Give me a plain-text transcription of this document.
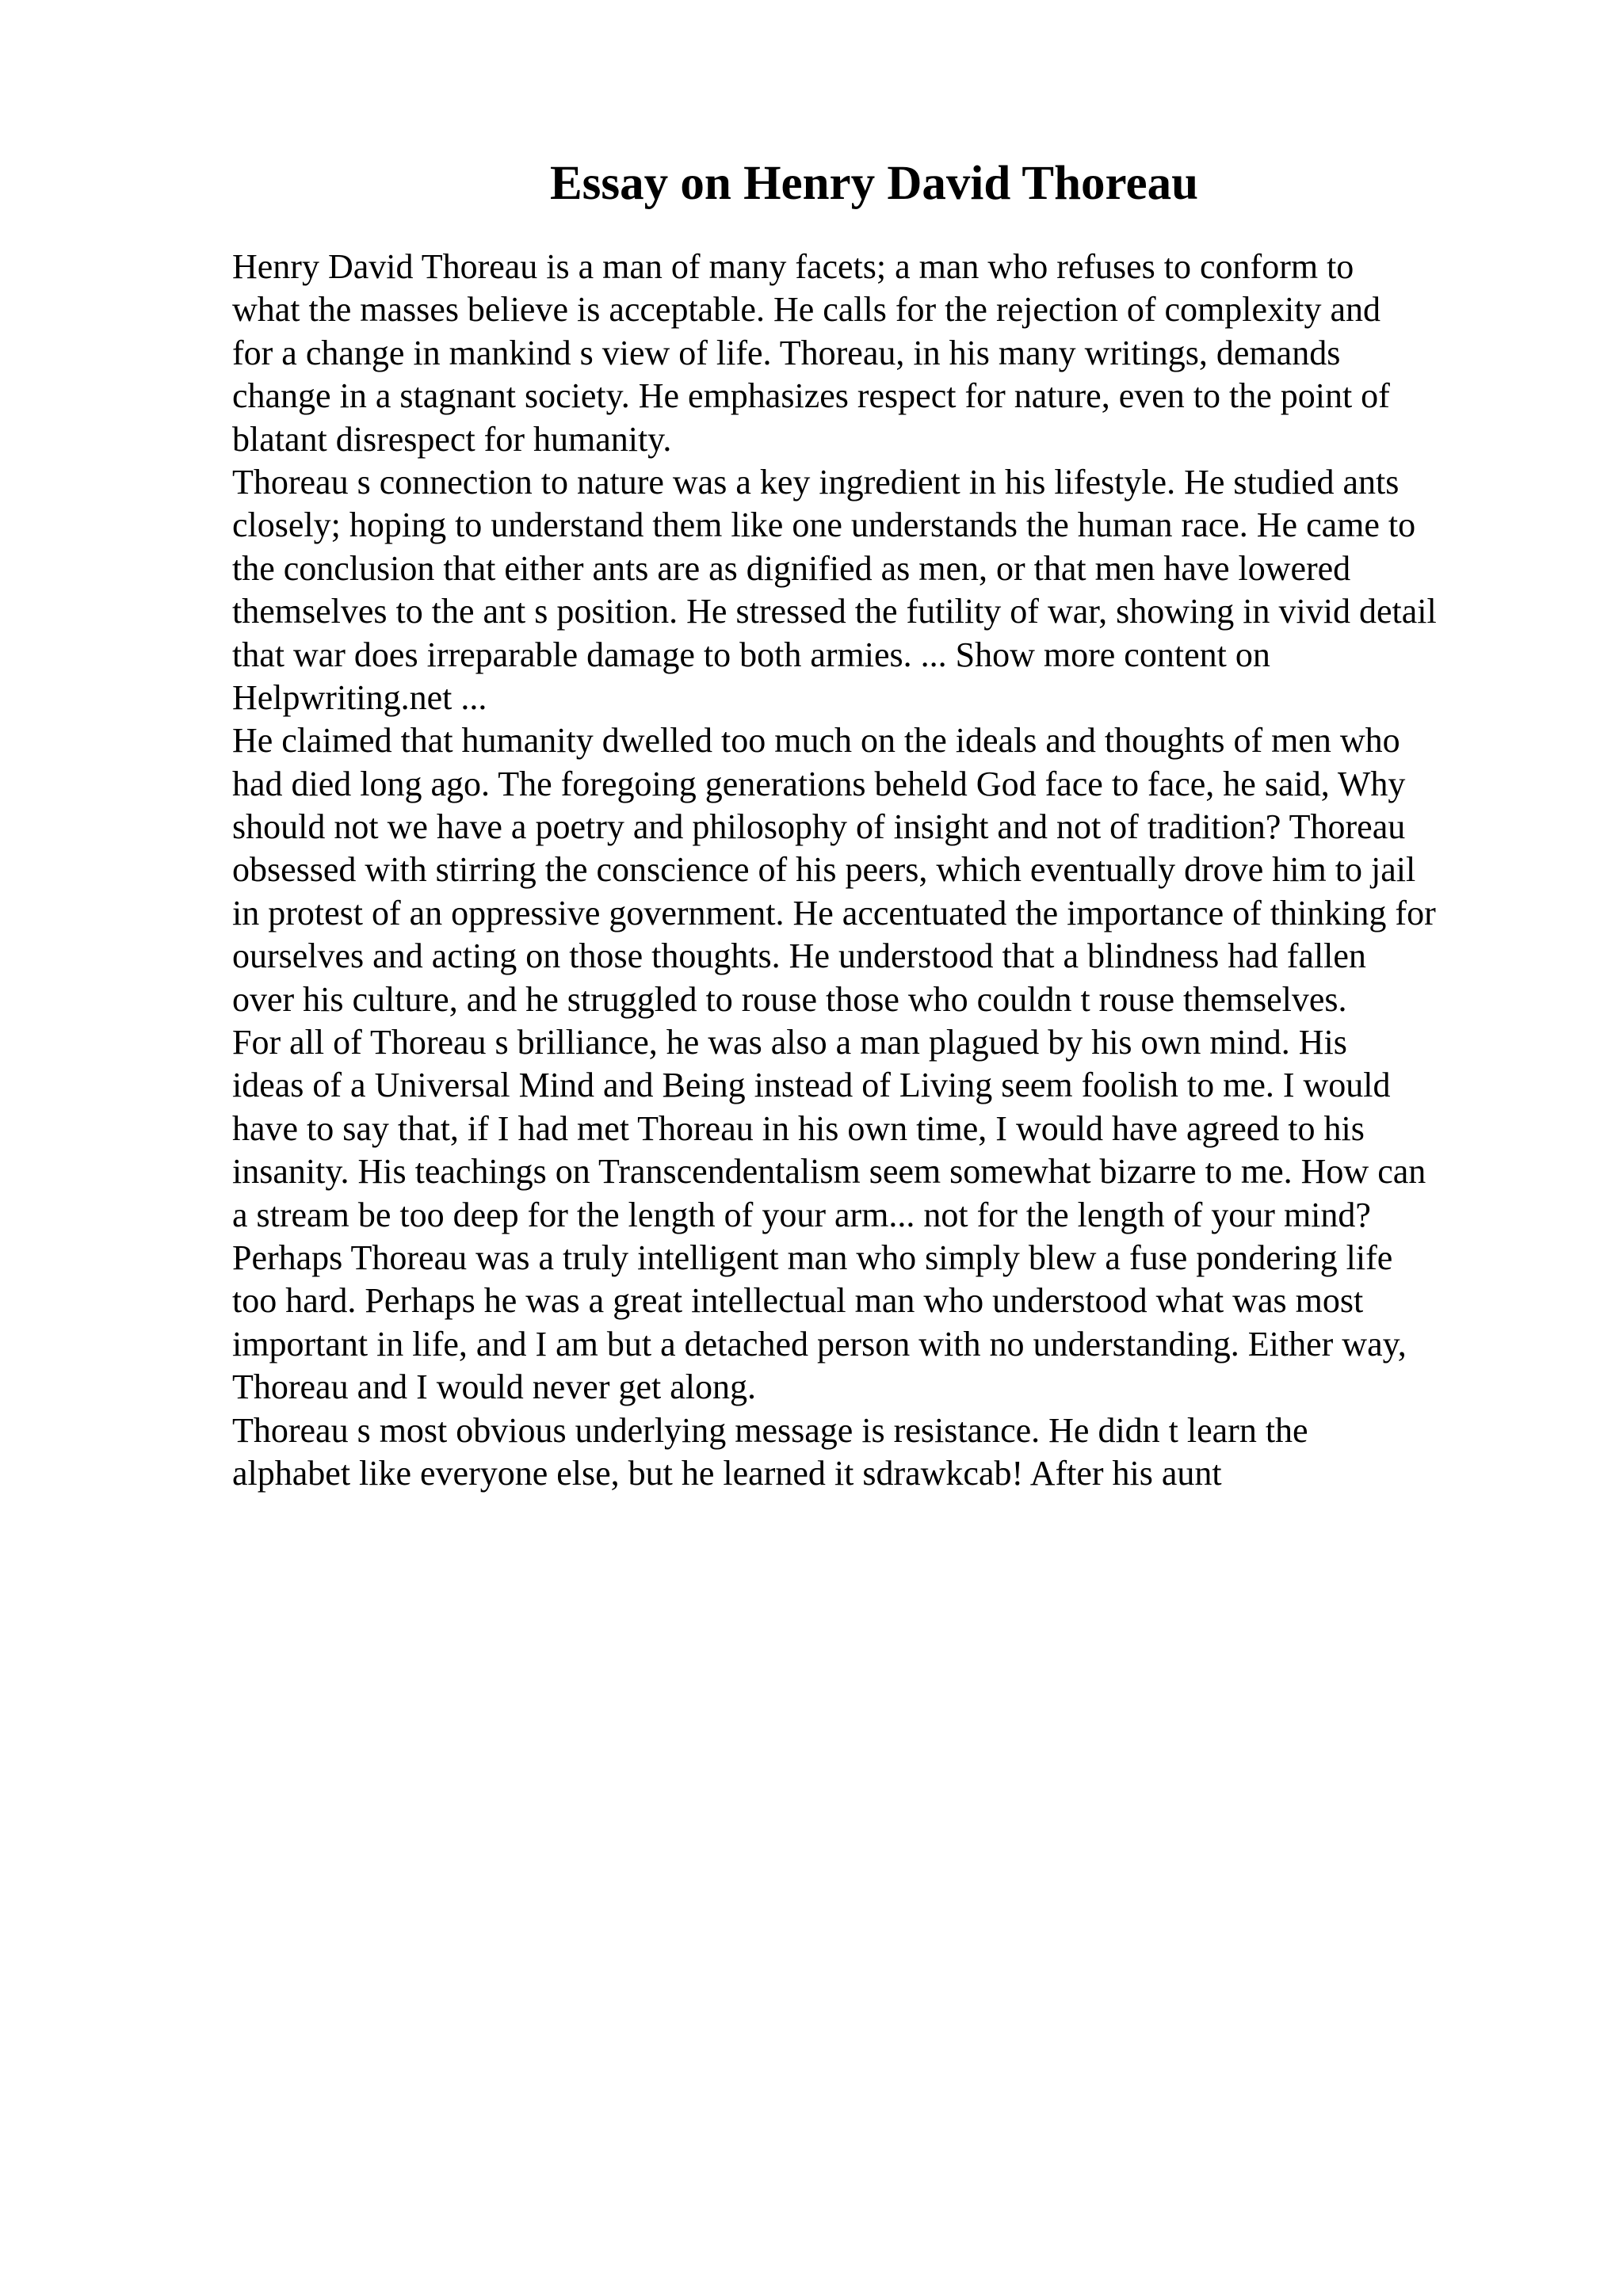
Essay on Henry David Thoreau
Henry David Thoreau is a man of many facets; a man who refuses to conform to
what the masses believe is acceptable. He calls for the rejection of complexity and
for a change in mankind s view of life. Thoreau, in his many writings, demands
change in a stagnant society. He emphasizes respect for nature, even to the point of
blatant disrespect for humanity.
Thoreau s connection to nature was a key ingredient in his lifestyle. He studied ants
closely; hoping to understand them like one understands the human race. He came to
the conclusion that either ants are as dignified as men, or that men have lowered
themselves to the ant s position. He stressed the futility of war, showing in vivid detail
that war does irreparable damage to both armies. ... Show more content on
Helpwriting.net ...
He claimed that humanity dwelled too much on the ideals and thoughts of men who
had died long ago. The foregoing generations beheld God face to face, he said, Why
should not we have a poetry and philosophy of insight and not of tradition? Thoreau
obsessed with stirring the conscience of his peers, which eventually drove him to jail
in protest of an oppressive government. He accentuated the importance of thinking for
ourselves and acting on those thoughts. He understood that a blindness had fallen
over his culture, and he struggled to rouse those who couldn t rouse themselves.
For all of Thoreau s brilliance, he was also a man plagued by his own mind. His
ideas of a Universal Mind and Being instead of Living seem foolish to me. I would
have to say that, if I had met Thoreau in his own time, I would have agreed to his
insanity. His teachings on Transcendentalism seem somewhat bizarre to me. How can
a stream be too deep for the length of your arm... not for the length of your mind?
Perhaps Thoreau was a truly intelligent man who simply blew a fuse pondering life
too hard. Perhaps he was a great intellectual man who understood what was most
important in life, and I am but a detached person with no understanding. Either way,
Thoreau and I would never get along.
Thoreau s most obvious underlying message is resistance. He didn t learn the
alphabet like everyone else, but he learned it sdrawkcab! After his aunt
